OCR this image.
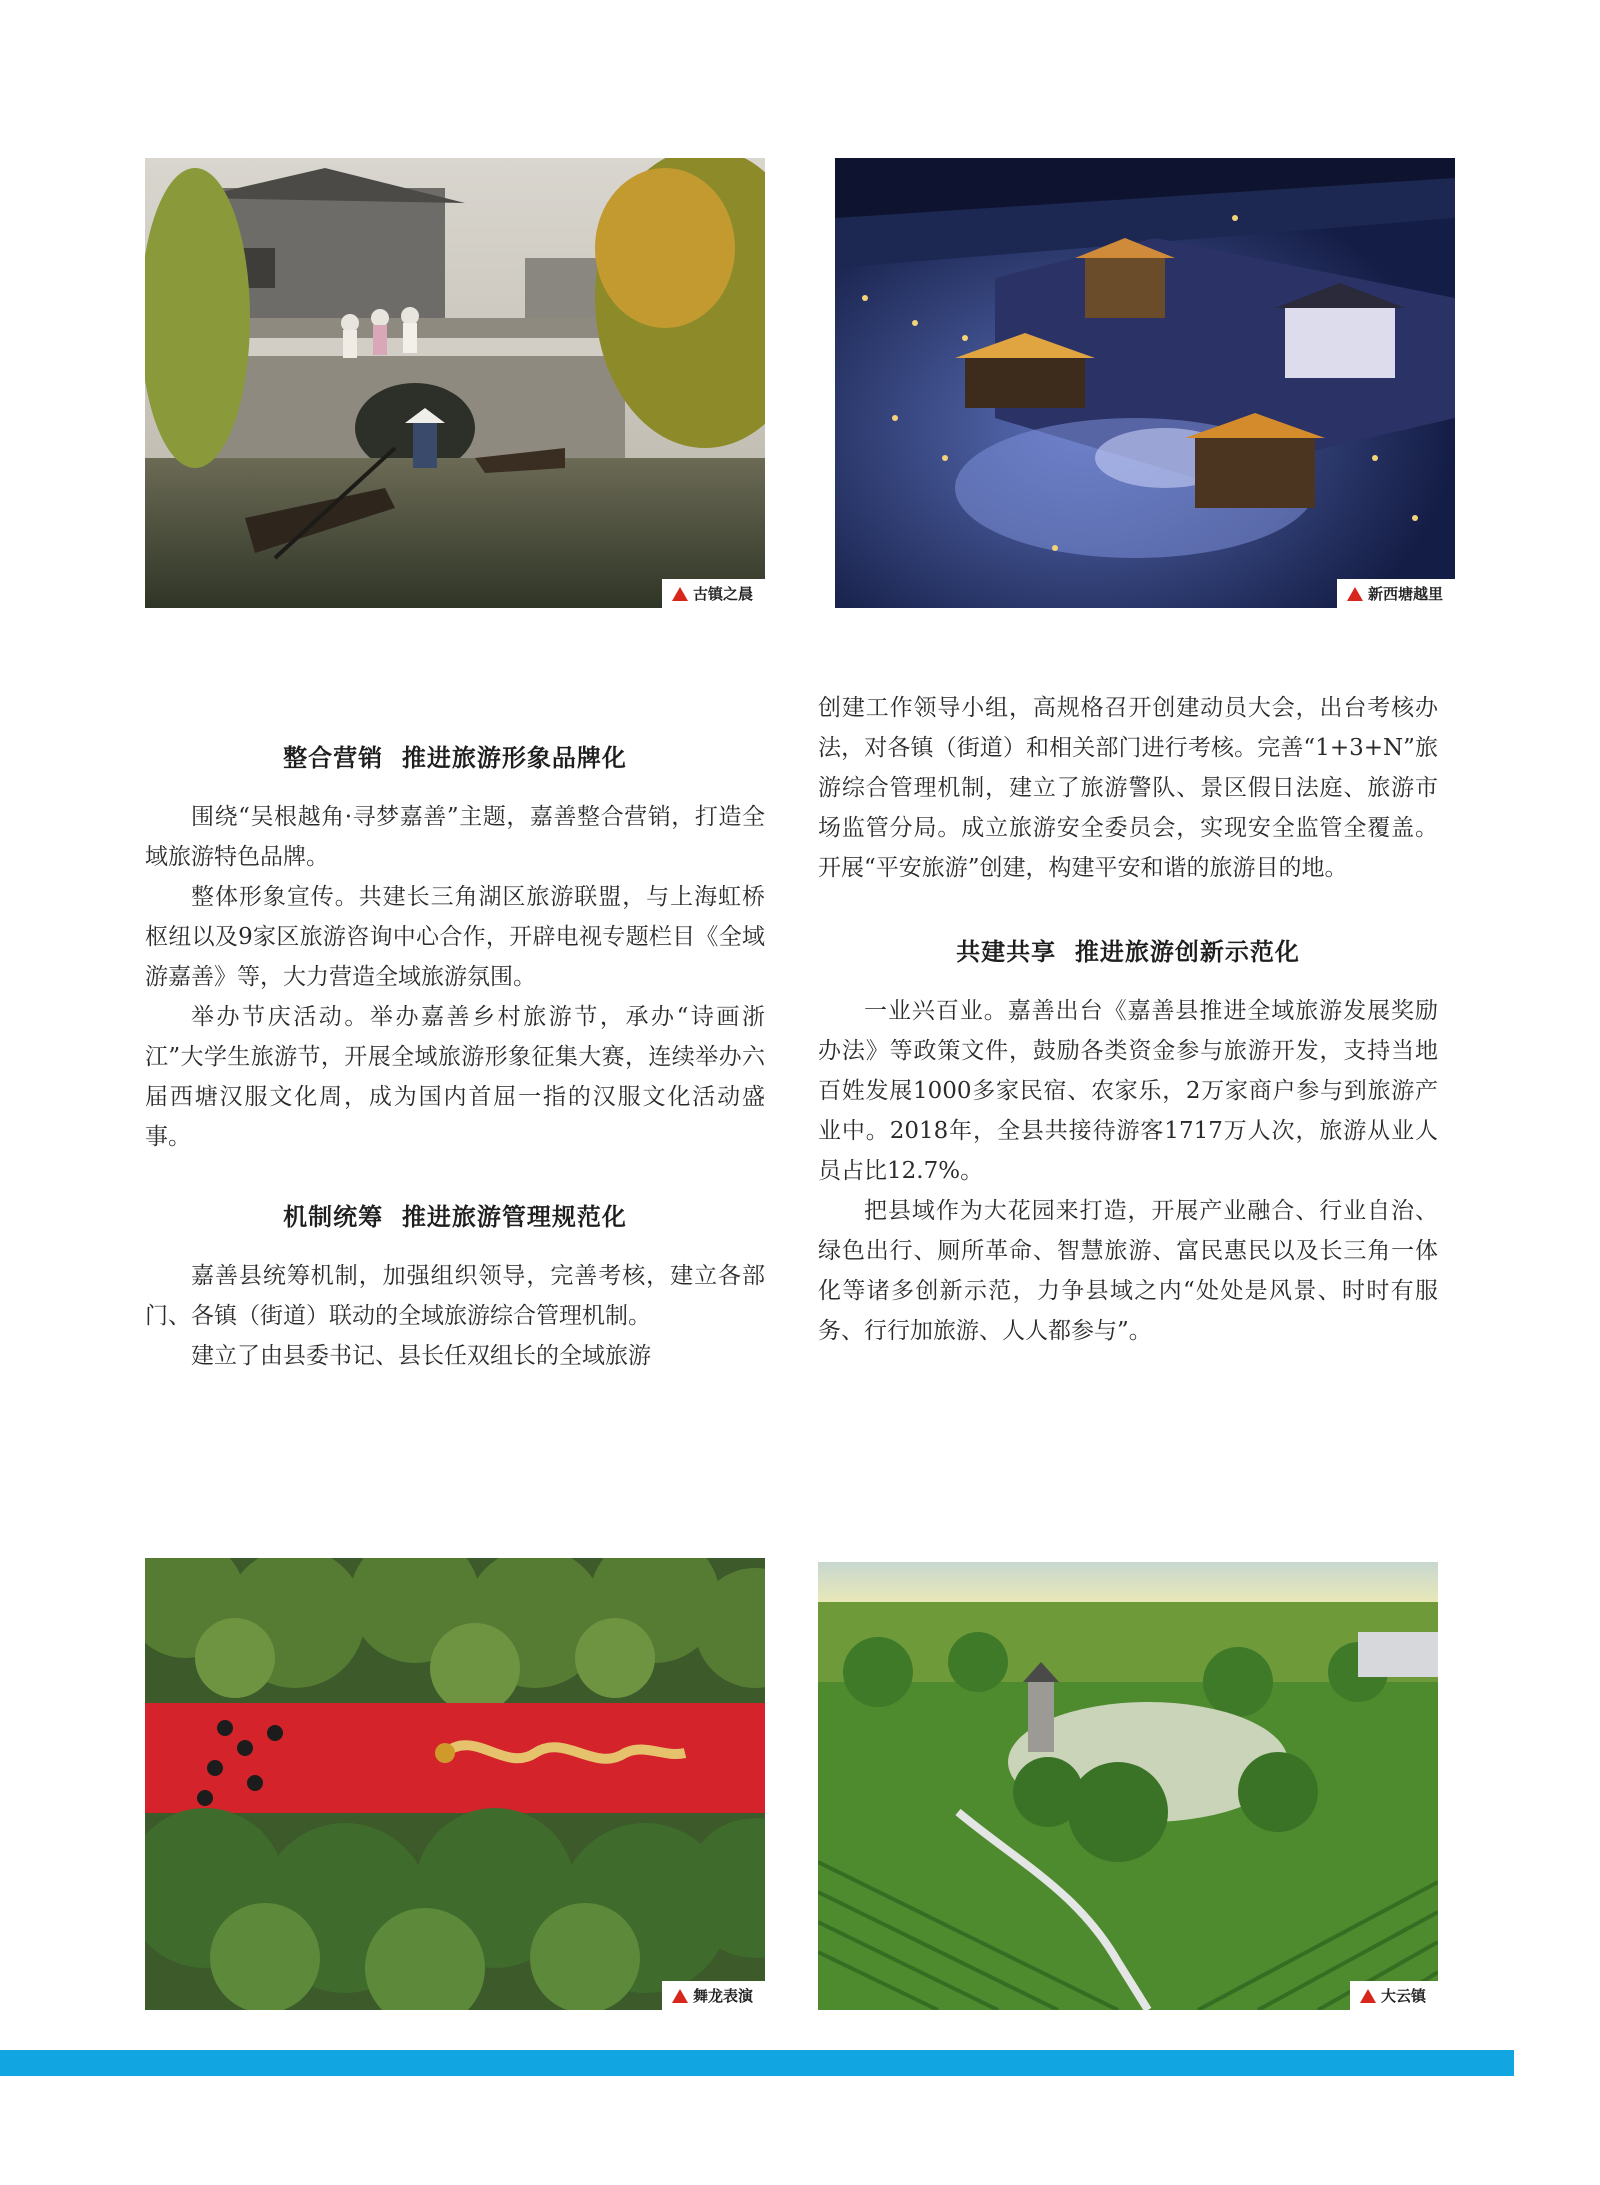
古镇之晨	新西塘越里
整合营销  推进旅游形象品牌化

围绕“吴根越角·寻梦嘉善”主题，嘉善整合营销，打造全域旅游特色品牌。

整体形象宣传。共建长三角湖区旅游联盟，与上海虹桥枢纽以及9家区旅游咨询中心合作，开辟电视专题栏目《全域游嘉善》等，大力营造全域旅游氛围。

举办节庆活动。举办嘉善乡村旅游节，承办“诗画浙江”大学生旅游节，开展全域旅游形象征集大赛，连续举办六届西塘汉服文化周，成为国内首屈一指的汉服文化活动盛事。

机制统筹  推进旅游管理规范化

嘉善县统筹机制，加强组织领导，完善考核，建立各部门、各镇（街道）联动的全域旅游综合管理机制。

建立了由县委书记、县长任双组长的全域旅游

创建工作领导小组，高规格召开创建动员大会，出台考核办法，对各镇（街道）和相关部门进行考核。完善“1+3+N”旅游综合管理机制，建立了旅游警队、景区假日法庭、旅游市场监管分局。成立旅游安全委员会，实现安全监管全覆盖。开展“平安旅游”创建，构建平安和谐的旅游目的地。

共建共享  推进旅游创新示范化

一业兴百业。嘉善出台《嘉善县推进全域旅游发展奖励办法》等政策文件，鼓励各类资金参与旅游开发，支持当地百姓发展1000多家民宿、农家乐，2万家商户参与到旅游产业中。2018年，全县共接待游客1717万人次，旅游从业人员占比12.7%。

把县域作为大花园来打造，开展产业融合、行业自治、绿色出行、厕所革命、智慧旅游、富民惠民以及长三角一体化等诸多创新示范，力争县域之内“处处是风景、时时有服务、行行加旅游、人人都参与”。

舞龙表演	大云镇
